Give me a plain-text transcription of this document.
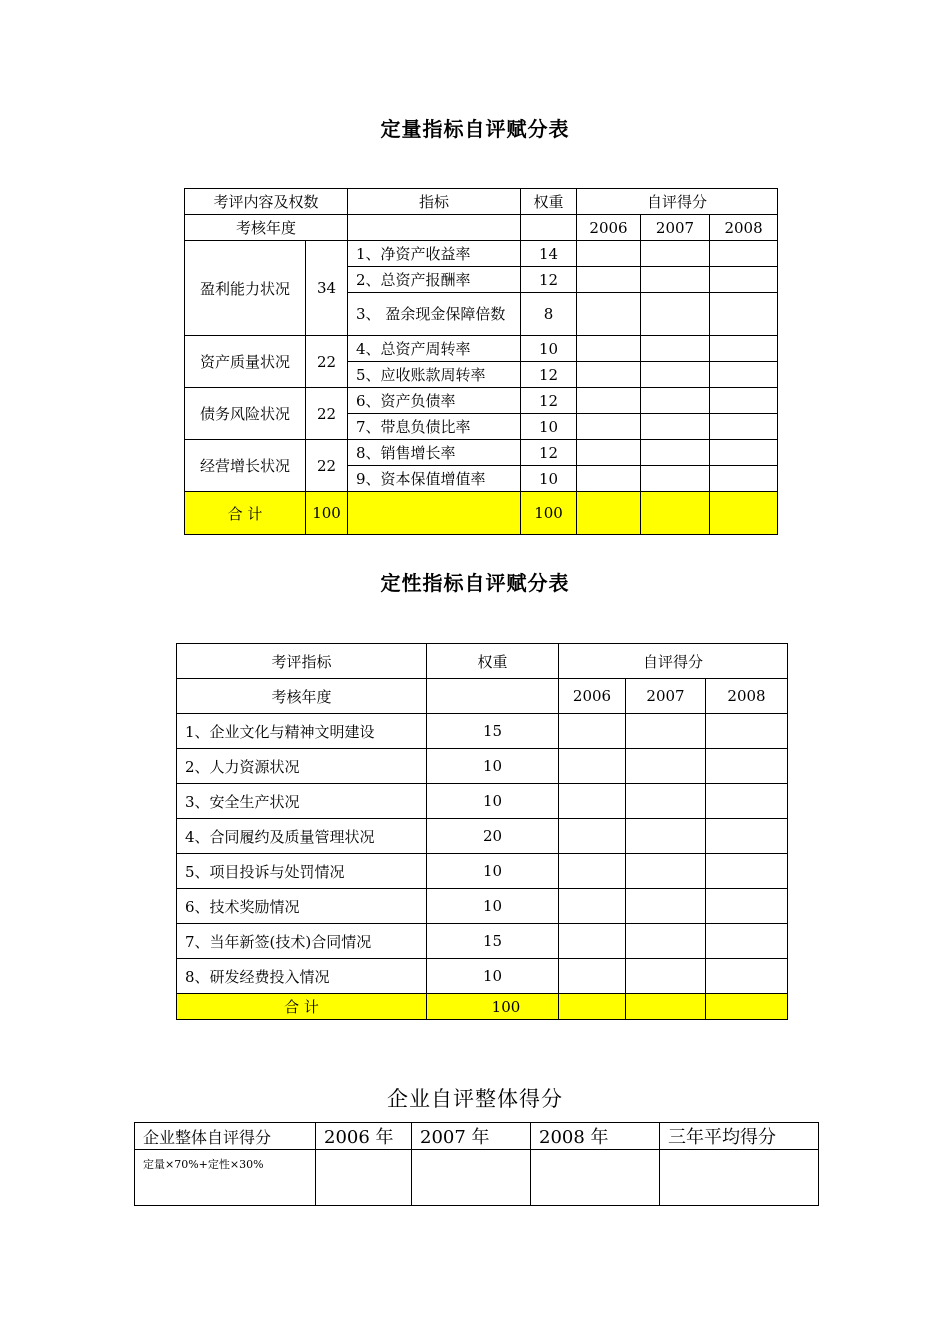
定量指标自评赋分表
考评内容及权数		指标	权重	自评得分		
考核年度				2006	2007	2008
盈利能力状况	34	1、净资产收益率	14			
		2、总资产报酬率	12			
		3、 盈余现金保障倍数	8			
资产质量状况	22	4、总资产周转率	10			
		5、应收账款周转率	12			
债务风险状况	22	6、资产负债率	12			
		7、带息负债比率	10			
经营增长状况	22	8、销售增长率	12			
		9、资本保值增值率	10			
合 计	100		100			
定性指标自评赋分表
考评指标	权重	自评得分		
考核年度		2006	2007	2008
1、企业文化与精神文明建设	15			
2、人力资源状况	10			
3、安全生产状况	10			
4、合同履约及质量管理状况	20			
5、项目投诉与处罚情况	10			
6、技术奖励情况	10			
7、当年新签(技术)合同情况	15			
8、研发经费投入情况	10			
合 计	100			
企业自评整体得分
企业整体自评得分	2006 年	2007 年	2008 年	三年平均得分
定量×70%+定性×30%				
